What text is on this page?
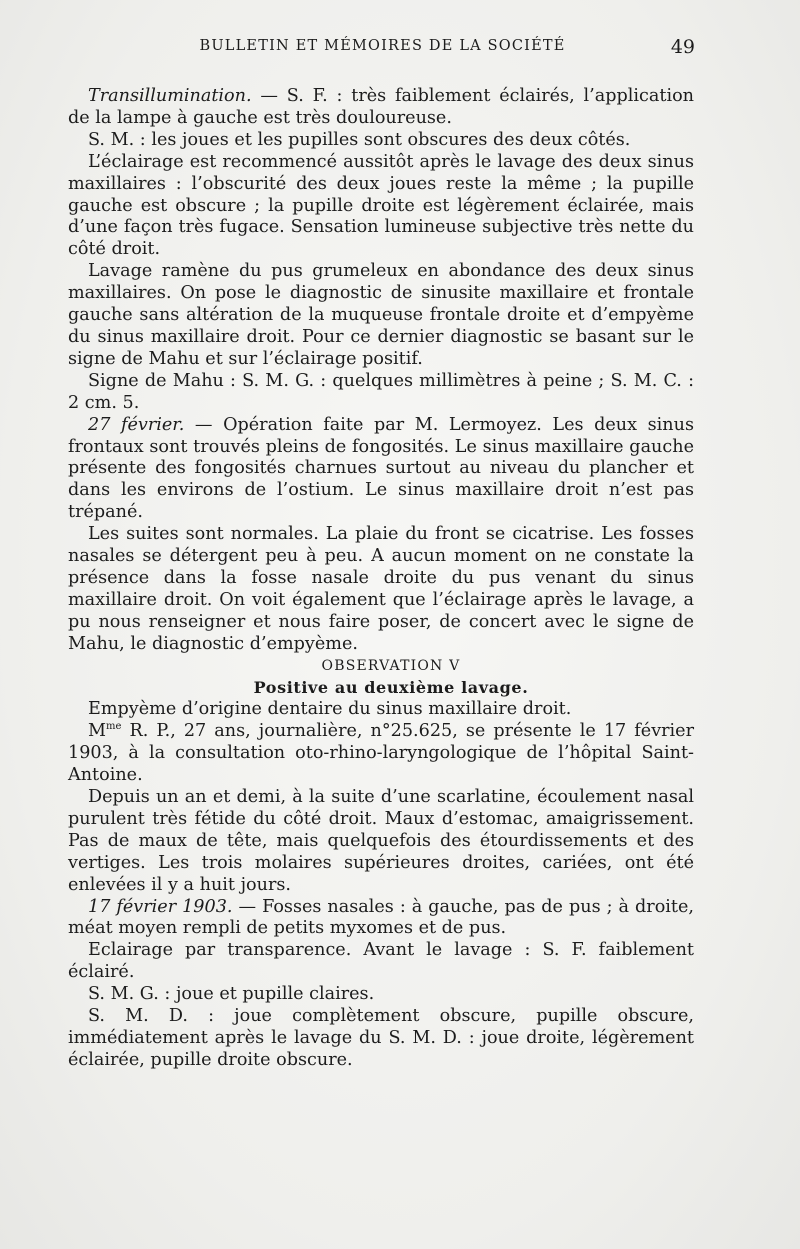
BULLETIN ET MÉMOIRES DE LA SOCIÉTÉ	49

Transillumination. — S. F. : très faiblement éclairés, l’application de la lampe à gauche est très douloureuse.

S. M. : les joues et les pupilles sont obscures des deux côtés.

L’éclairage est recommencé aussitôt après le lavage des deux sinus maxillaires : l’obscurité des deux joues reste la même ; la pupille gauche est obscure ; la pupille droite est légèrement éclairée, mais d’une façon très fugace. Sensation lumineuse subjective très nette du côté droit.

Lavage ramène du pus grumeleux en abondance des deux sinus maxillaires. On pose le diagnostic de sinusite maxillaire et frontale gauche sans altération de la muqueuse frontale droite et d’empyème du sinus maxillaire droit. Pour ce dernier diagnostic se basant sur le signe de Mahu et sur l’éclairage positif.

Signe de Mahu : S. M. G. : quelques millimètres à peine ; S. M. C. : 2 cm. 5.

27 février. — Opération faite par M. Lermoyez. Les deux sinus frontaux sont trouvés pleins de fongosités. Le sinus maxillaire gauche présente des fongosités charnues surtout au niveau du plancher et dans les environs de l’ostium. Le sinus maxillaire droit n’est pas trépané.

Les suites sont normales. La plaie du front se cicatrise. Les fosses nasales se détergent peu à peu. A aucun moment on ne constate la présence dans la fosse nasale droite du pus venant du sinus maxillaire droit. On voit également que l’éclairage après le lavage, a pu nous renseigner et nous faire poser, de concert avec le signe de Mahu, le diagnostic d’empyème.

OBSERVATION V

Positive au deuxième lavage.

Empyème d’origine dentaire du sinus maxillaire droit.

$M^{me}$ R. P., 27 ans, journalière, n°25.625, se présente le 17 février 1903, à la consultation oto-rhino-laryngologique de l’hôpital Saint-Antoine.

Depuis un an et demi, à la suite d’une scarlatine, écoulement nasal purulent très fétide du côté droit. Maux d’estomac, amaigrissement. Pas de maux de tête, mais quelquefois des étourdissements et des vertiges. Les trois molaires supérieures droites, cariées, ont été enlevées il y a huit jours.

17 février 1903. — Fosses nasales : à gauche, pas de pus ; à droite, méat moyen rempli de petits myxomes et de pus.

Eclairage par transparence. Avant le lavage : S. F. faiblement éclairé.

S. M. G. : joue et pupille claires.

S. M. D. : joue complètement obscure, pupille obscure, immédiatement après le lavage du S. M. D. : joue droite, légèrement éclairée, pupille droite obscure.
